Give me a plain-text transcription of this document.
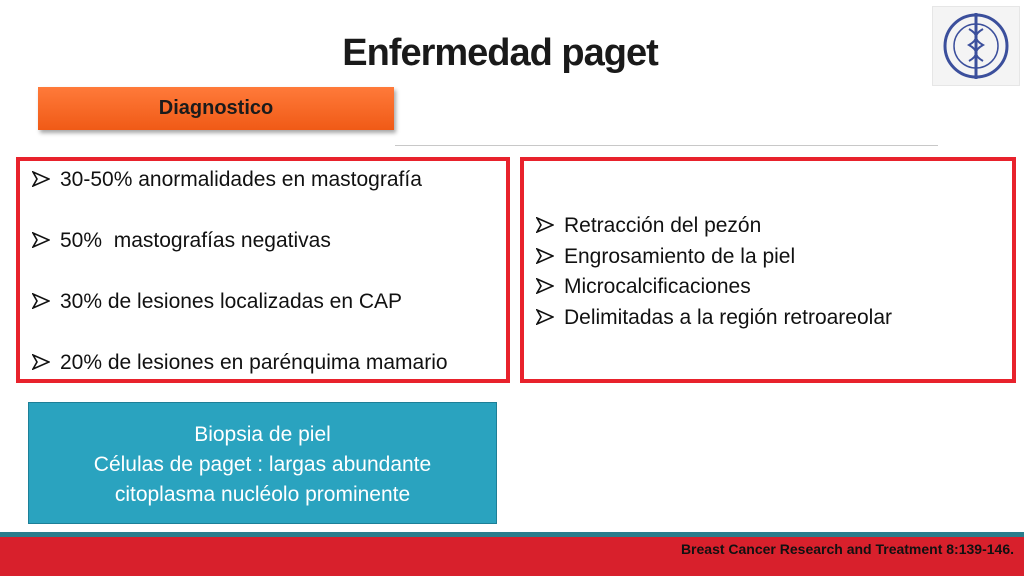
Enfermedad paget
Diagnostico
30-50% anormalidades en mastografía
50%  mastografías negativas
30% de lesiones localizadas en CAP
20% de lesiones en parénquima mamario
Retracción del pezón
Engrosamiento de la piel
Microcalcificaciones
Delimitadas a la región retroareolar
Biopsia de piel
Células de paget : largas abundante
citoplasma nucléolo prominente
Breast Cancer Research and Treatment 8:139-146.
